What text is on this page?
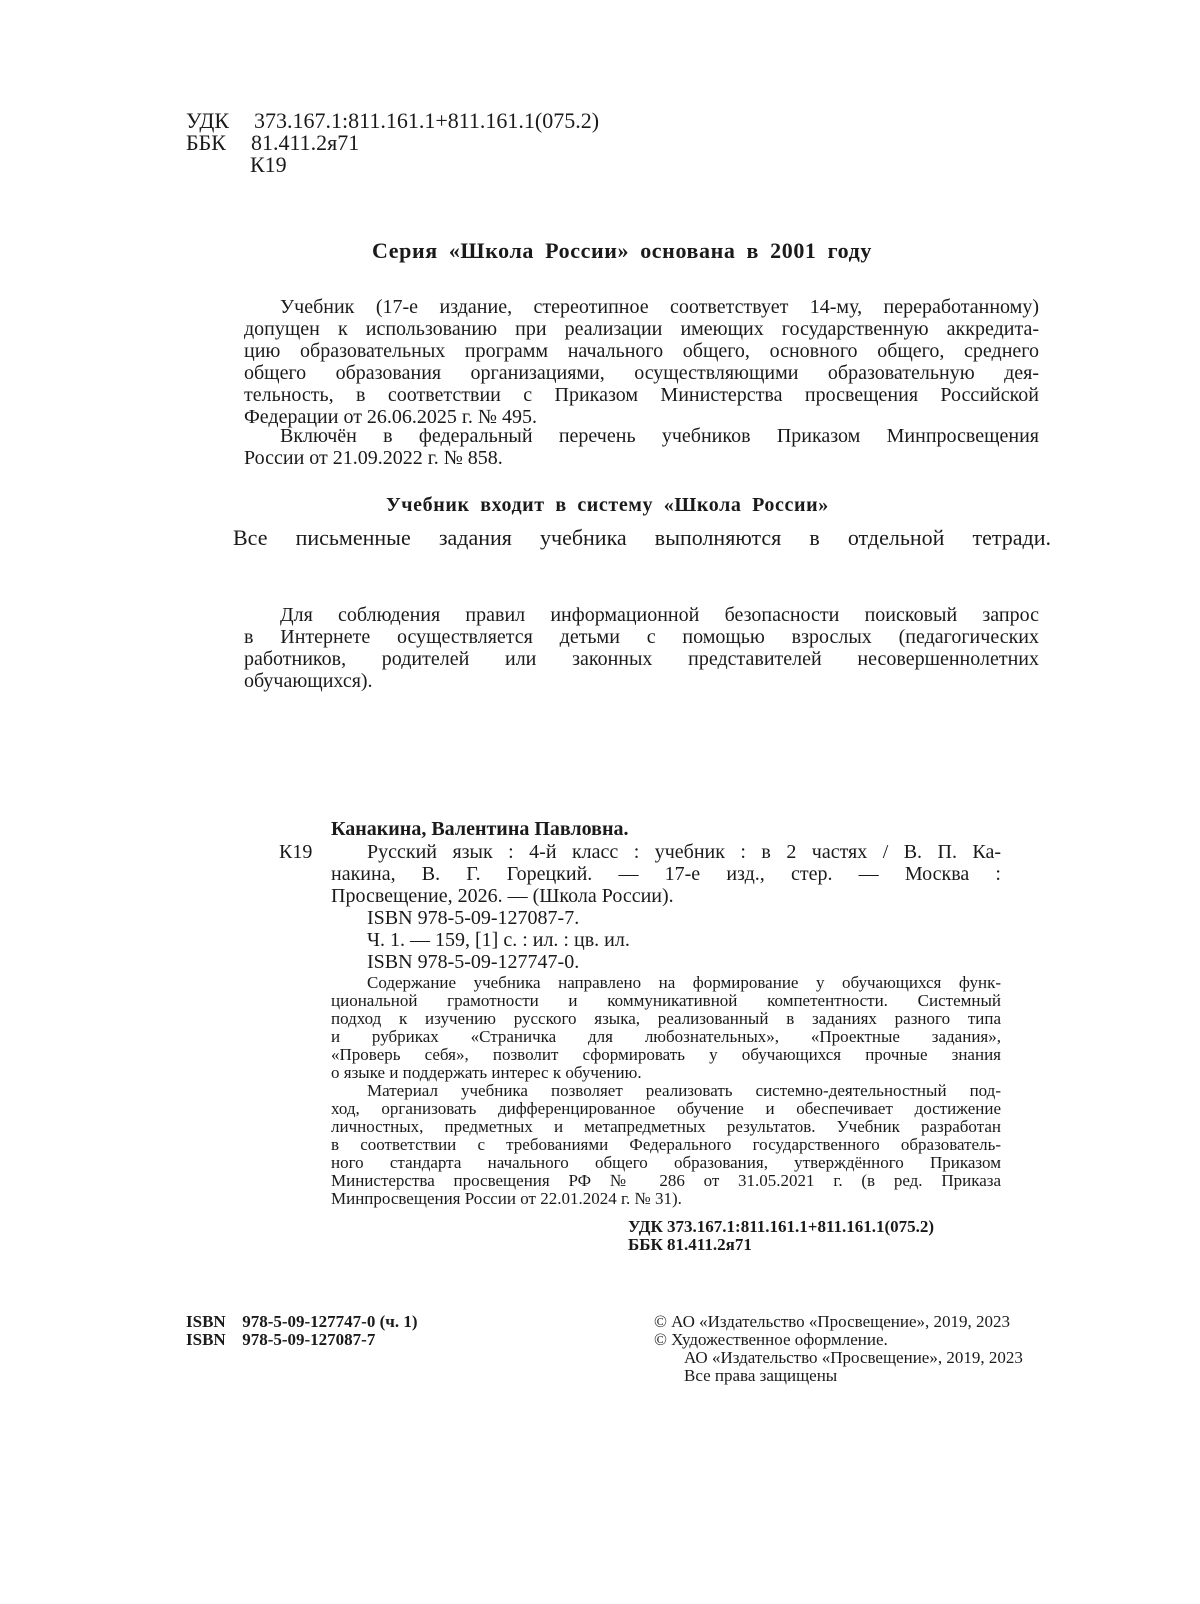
УДК 373.167.1:811.161.1+811.161.1(075.2)
ББК 81.411.2я71
К19
Серия «Школа России» основана в 2001 году
Учебник (17-е издание, стереотипное соответствует 14-му, переработанному)
допущен к использованию при реализации имеющих государственную аккредита-
цию образовательных программ начального общего, основного общего, среднего
общего образования организациями, осуществляющими образовательную дея-
тельность, в соответствии с Приказом Министерства просвещения Российской
Федерации от 26.06.2025 г. № 495.
Включён в федеральный перечень учебников Приказом Минпросвещения
России от 21.09.2022 г. № 858.
Учебник входит в систему «Школа России»
Все письменные задания учебника выполняются в отдельной тетради.
Для соблюдения правил информационной безопасности поисковый запрос
в Интернете осуществляется детьми с помощью взрослых (педагогических
работников, родителей или законных представителей несовершеннолетних
обучающихся).
Канакина, Валентина Павловна.
К19	Русский язык : 4-й класс : учебник : в 2 частях / В. П. Ка-
накина, В. Г. Горецкий. — 17-е изд., стер. — Москва :
Просвещение, 2026. — (Школа России).
ISBN 978-5-09-127087-7.
Ч. 1. — 159, [1] с. : ил. : цв. ил.
ISBN 978-5-09-127747-0.
Содержание учебника направлено на формирование у обучающихся функ-
циональной грамотности и коммуникативной компетентности. Системный
подход к изучению русского языка, реализованный в заданиях разного типа
и рубриках «Страничка для любознательных», «Проектные задания»,
«Проверь себя», позволит сформировать у обучающихся прочные знания
о языке и поддержать интерес к обучению.
Материал учебника позволяет реализовать системно-деятельностный под-
ход, организовать дифференцированное обучение и обеспечивает достижение
личностных, предметных и метапредметных результатов. Учебник разработан
в соответствии с требованиями Федерального государственного образователь-
ного стандарта начального общего образования, утверждённого Приказом
Министерства просвещения РФ № 286 от 31.05.2021 г. (в ред. Приказа
Минпросвещения России от 22.01.2024 г. № 31).
УДК 373.167.1:811.161.1+811.161.1(075.2)
ББК 81.411.2я71
ISBN 978-5-09-127747-0 (ч. 1)
ISBN 978-5-09-127087-7
© АО «Издательство «Просвещение», 2019, 2023
© Художественное оформление.
АО «Издательство «Просвещение», 2019, 2023
Все права защищены
